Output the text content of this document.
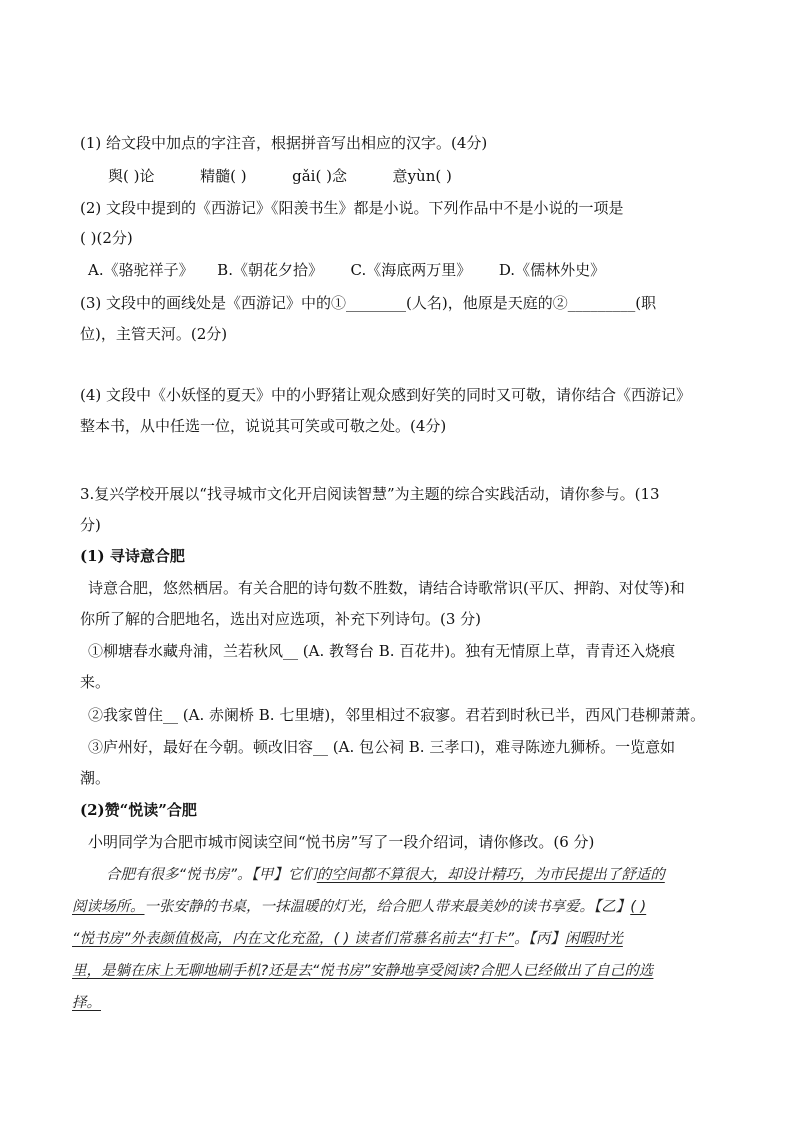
(1) 给文段中加点的字注音，根据拼音写出相应的汉字。(4分)
舆( )论	精髓( )	gǎi( )念	意yùn( )
(2) 文段中提到的《西游记》《阳羡书生》都是小说。下列作品中不是小说的一项是
( )(2分)
A.《骆驼祥子》 B.《朝花夕拾》 C.《海底两万里》 D.《儒林外史》
(3) 文段中的画线处是《西游记》中的①________(人名)，他原是天庭的②_________(职
位)，主管天河。(2分)
(4) 文段中《小妖怪的夏天》中的小野猪让观众感到好笑的同时又可敬，请你结合《西游记》
整本书，从中任选一位，说说其可笑或可敬之处。(4分)
3.复兴学校开展以“找寻城市文化开启阅读智慧”为主题的综合实践活动，请你参与。(13
分)
(1) 寻诗意合肥
诗意合肥，悠然栖居。有关合肥的诗句数不胜数，请结合诗歌常识(平仄、押韵、对仗等)和
你所了解的合肥地名，选出对应选项，补充下列诗句。(3 分)
①柳塘春水藏舟浦，兰若秋风__ (A. 教弩台 B. 百花井)。独有无情原上草，青青还入烧痕
来。
②我家曾住__ (A. 赤阑桥 B. 七里塘)，邻里相过不寂寥。君若到时秋已半，西风门巷柳萧萧。
③庐州好，最好在今朝。顿改旧容__ (A. 包公祠 B. 三孝口)，难寻陈迹九狮桥。一览意如
潮。
(2)赞“悦读”合肥
小明同学为合肥市城市阅读空间“悦书房”写了一段介绍词，请你修改。(6 分)
合肥有很多“悦书房”。【甲】它们的空间都不算很大，却设计精巧，为市民提出了舒适的
阅读场所。一张安静的书桌，一抹温暖的灯光，给合肥人带来最美妙的读书享爱。【乙】( )
“悦书房”外表颜值极高，内在文化充盈，( ) 读者们常慕名前去“打卡”。【丙】闲暇时光
里，是躺在床上无聊地刷手机?还是去“悦书房”安静地享受阅读?合肥人已经做出了自己的选
择。
